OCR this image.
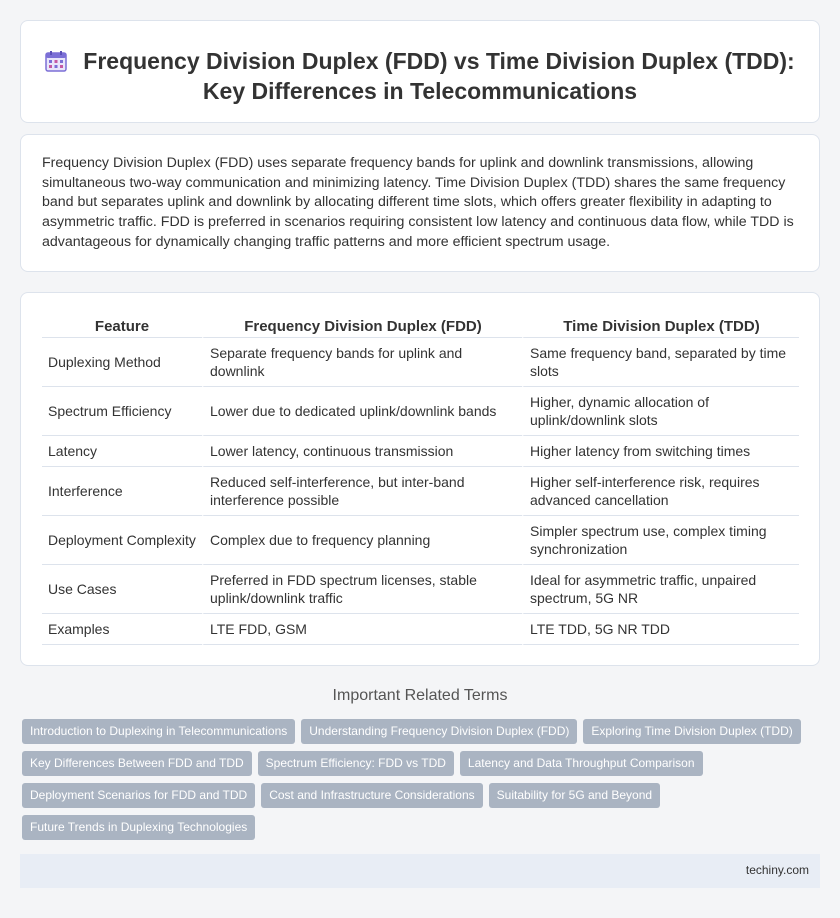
Frequency Division Duplex (FDD) vs Time Division Duplex (TDD):
Key Differences in Telecommunications

Frequency Division Duplex (FDD) uses separate frequency bands for uplink and downlink transmissions, allowing simultaneous two-way communication and minimizing latency. Time Division Duplex (TDD) shares the same frequency band but separates uplink and downlink by allocating different time slots, which offers greater flexibility in adapting to asymmetric traffic. FDD is preferred in scenarios requiring consistent low latency and continuous data flow, while TDD is advantageous for dynamically changing traffic patterns and more efficient spectrum usage.

Feature	Frequency Division Duplex (FDD)	Time Division Duplex (TDD)
Duplexing Method	Separate frequency bands for uplink and downlink	Same frequency band, separated by time slots
Spectrum Efficiency	Lower due to dedicated uplink/downlink bands	Higher, dynamic allocation of uplink/downlink slots
Latency	Lower latency, continuous transmission	Higher latency from switching times
Interference	Reduced self-interference, but inter-band interference possible	Higher self-interference risk, requires advanced cancellation
Deployment Complexity	Complex due to frequency planning	Simpler spectrum use, complex timing synchronization
Use Cases	Preferred in FDD spectrum licenses, stable uplink/downlink traffic	Ideal for asymmetric traffic, unpaired spectrum, 5G NR
Examples	LTE FDD, GSM	LTE TDD, 5G NR TDD
Important Related Terms
Introduction to Duplexing in Telecommunications Understanding Frequency Division Duplex (FDD) Exploring Time Division Duplex (TDD)
Key Differences Between FDD and TDD Spectrum Efficiency: FDD vs TDD Latency and Data Throughput Comparison
Deployment Scenarios for FDD and TDD Cost and Infrastructure Considerations Suitability for 5G and Beyond
Future Trends in Duplexing Technologies
techiny.com
